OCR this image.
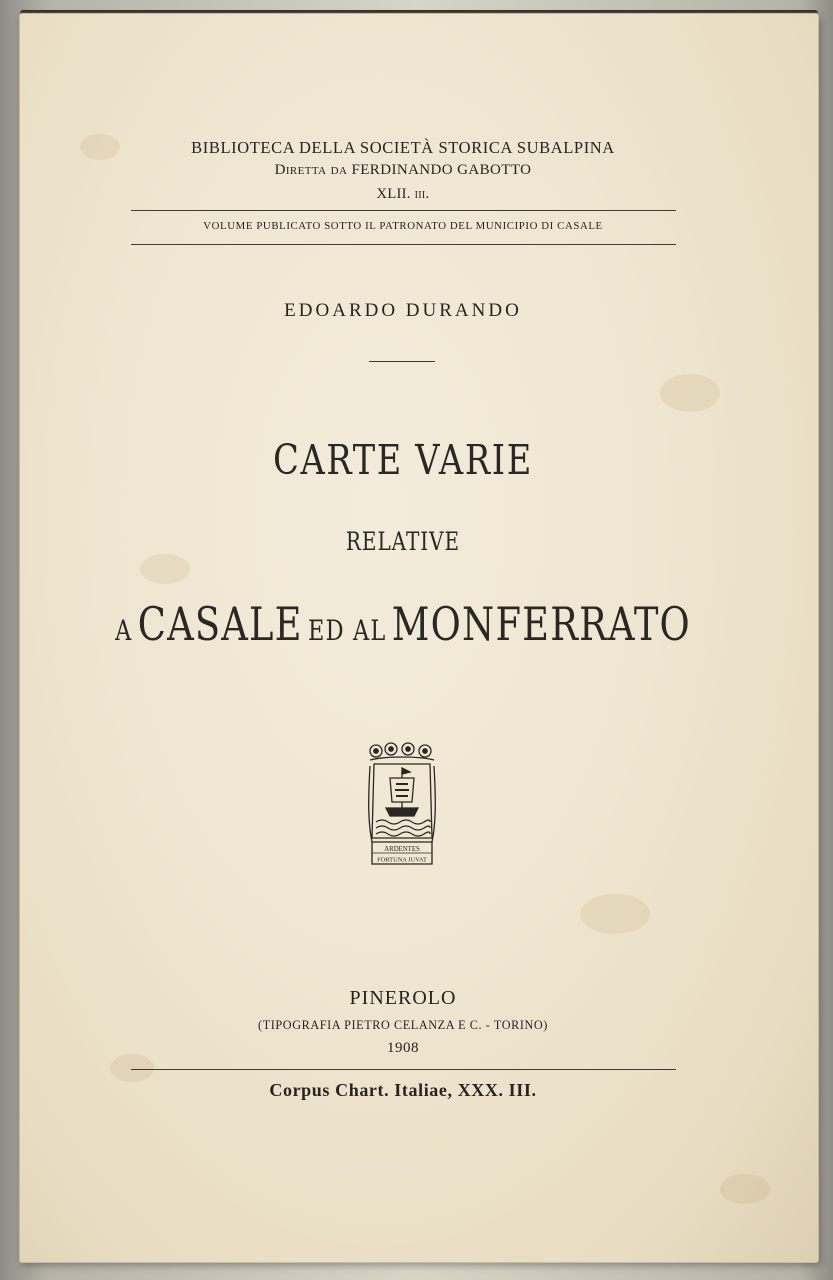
BIBLIOTECA DELLA SOCIETÀ STORICA SUBALPINA
Diretta da FERDINANDO GABOTTO
XLII. iii.
VOLUME PUBLICATO SOTTO IL PATRONATO DEL MUNICIPIO DI CASALE
EDOARDO DURANDO
CARTE VARIE
RELATIVE
A CASALE ED AL MONFERRATO
ARDENTES
FORTUNA JUVAT
PINEROLO
(TIPOGRAFIA PIETRO CELANZA E C. - TORINO)
1908
Corpus Chart. Italiae, XXX. III.
